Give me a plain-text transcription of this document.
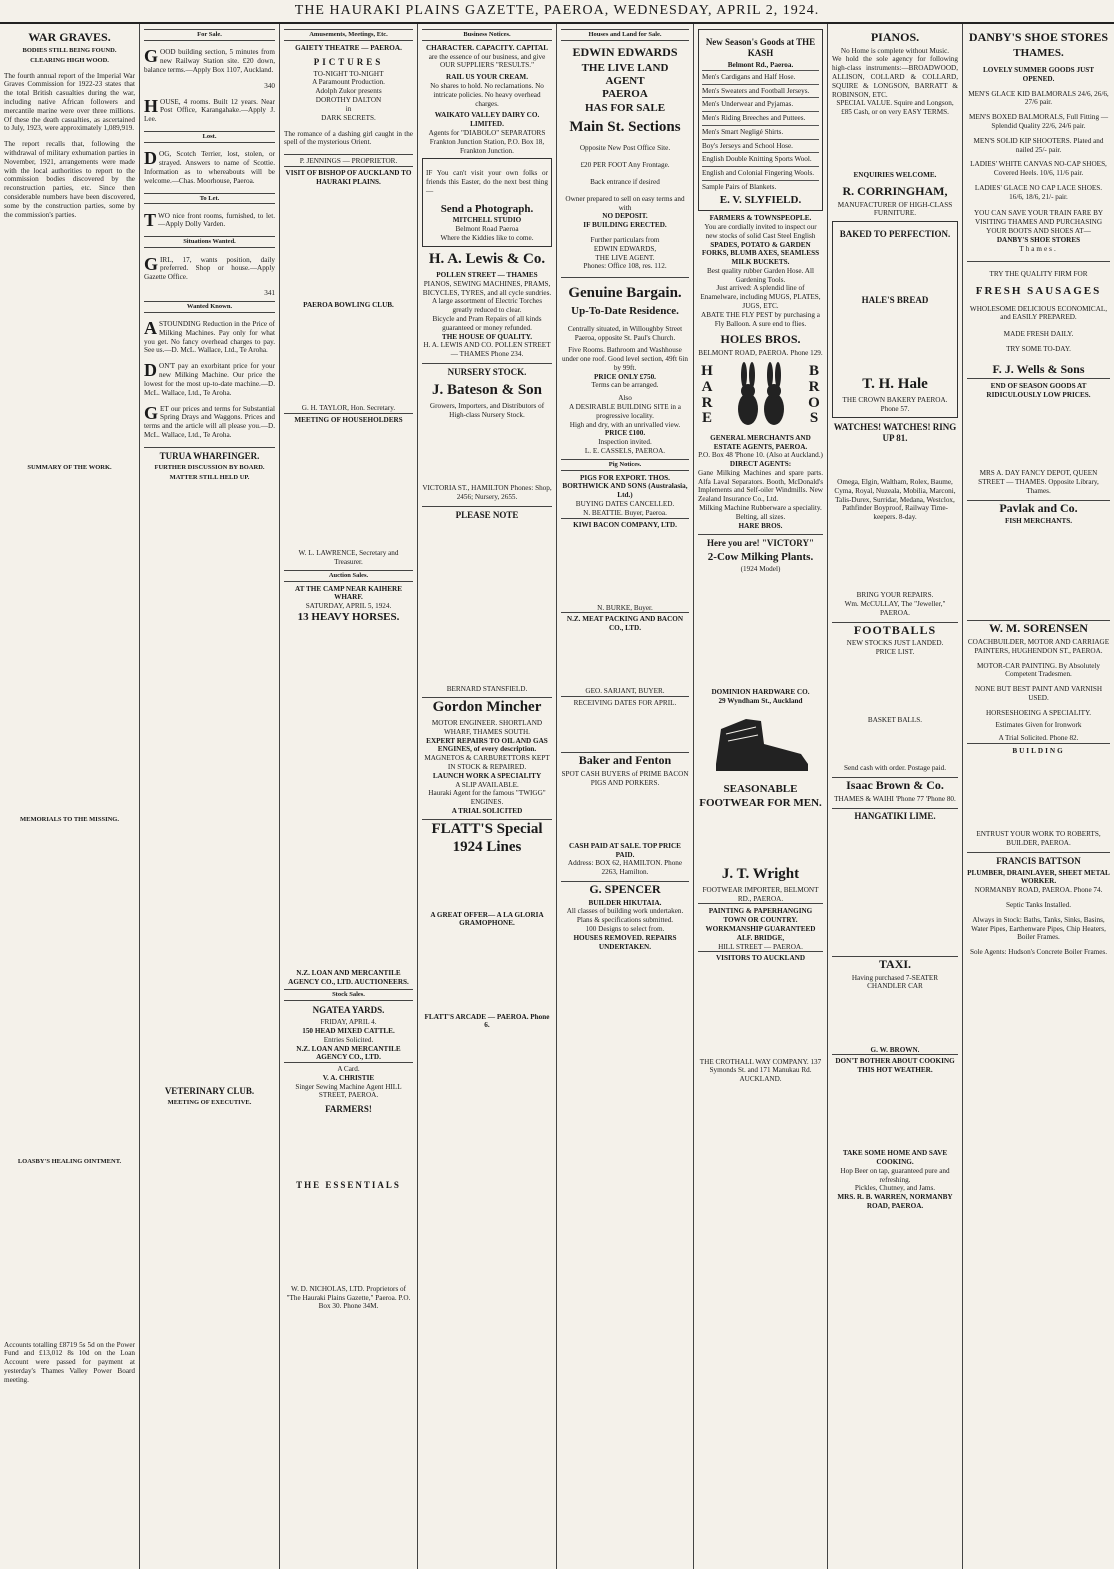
THE HAURAKI PLAINS GAZETTE, PAEROA, WEDNESDAY, APRIL 2, 1924.
WAR GRAVES.
BODIES STILL BEING FOUND.
CLEARING HIGH WOOD.

The fourth annual report of the Imperial War Graves Commission for 1922-23 states that the total British casualties during the war, including native African followers and mercantile marine were over three millions. Of these the death casualties, as ascertained to July, 1923, were approximately 1,089,919.

The report recalls that, following the withdrawal of military exhumation parties in November, 1921, arrangements were made with the local authorities to report to the commission bodies discovered by the reconstruction parties, etc. Since then considerable numbers have been discovered, some by the construction parties, some by the commission's parties.

SUMMARY OF THE WORK.

MEMORIALS TO THE MISSING.

LOASBY'S HEALING OINTMENT.

Accounts totalling £8719 5s 5d on the Power Fund and £13,012 8s 10d on the Loan Account were passed for payment at yesterday's Thames Valley Power Board meeting.

For Sale.

GOOD building section, 5 minutes from new Railway Station site. £20 down, balance terms.—Apply Box 1107, Auckland.

340

HOUSE, 4 rooms. Built 12 years. Near Post Office, Karangahake.—Apply J. Lee.

Lost.

DOG, Scotch Terrier, lost, stolen, or strayed. Answers to name of Scottie. Information as to whereabouts will be welcome.—Chas. Moorhouse, Paeroa.

To Let.

TWO nice front rooms, furnished, to let.—Apply Dolly Varden.

Situations Wanted.

GIRL, 17, wants position, daily preferred. Shop or house.—Apply Gazette Office.

341
Wanted Known.

ASTOUNDING Reduction in the Price of Milking Machines. Pay only for what you get. No fancy overhead charges to pay. See us.—D. McL. Wallace, Ltd., Te Aroha.

DON'T pay an exorbitant price for your new Milking Machine. Our price the lowest for the most up-to-date machine.—D. McL. Wallace, Ltd., Te Aroha.

GET our prices and terms for Substantial Spring Drays and Waggons. Prices and terms and the article will all please you.—D. McL. Wallace, Ltd., Te Aroha.

TURUA WHARFINGER.
FURTHER DISCUSSION BY BOARD.
MATTER STILL HELD UP.

VETERINARY CLUB.
MEETING OF EXECUTIVE.

Amusements, Meetings, Etc.
GAIETY THEATRE — PAEROA.
PICTURES
TO-NIGHT TO-NIGHT
A Paramount Production.
Adolph Zukor presents
DOROTHY DALTON
in
DARK SECRETS.

The romance of a dashing girl caught in the spell of the mysterious Orient.

P. JENNINGS — PROPRIETOR.
VISIT OF BISHOP OF AUCKLAND TO HAURAKI PLAINS.

PAEROA BOWLING CLUB.

G. H. TAYLOR, Hon. Secretary.
MEETING OF HOUSEHOLDERS

W. L. LAWRENCE, Secretary and Treasurer.
Auction Sales.
AT THE CAMP NEAR KAIHERE WHARF.
SATURDAY, APRIL 5, 1924.
13 HEAVY HORSES.

N.Z. LOAN AND MERCANTILE AGENCY CO., LTD. AUCTIONEERS.
Stock Sales.
NGATEA YARDS.
FRIDAY, APRIL 4.
150 HEAD MIXED CATTLE.
Entries Solicited.
N.Z. LOAN AND MERCANTILE AGENCY CO., LTD.
A Card.
V. A. CHRISTIE
Singer Sewing Machine Agent HILL STREET, PAEROA.
FARMERS!

THE ESSENTIALS

W. D. NICHOLAS, LTD. Proprietors of "The Hauraki Plains Gazette," Paeroa. P.O. Box 30. Phone 34M.
Business Notices.
CHARACTER. CAPACITY. CAPITAL
are the essence of our business, and give OUR SUPPLIERS "RESULTS."
RAIL US YOUR CREAM.
No shares to hold. No reclamations. No intricate policies. No heavy overhead charges.
WAIKATO VALLEY DAIRY CO. LIMITED.
Agents for "DIABOLO" SEPARATORS Frankton Junction Station, P.O. Box 18, Frankton Junction.

IF You can't visit your own folks or friends this Easter, do the next best thing—

Send a Photograph.
MITCHELL STUDIO
Belmont Road Paeroa
Where the Kiddies like to come.
H. A. Lewis & Co.
POLLEN STREET — THAMES
PIANOS, SEWING MACHINES, PRAMS, BICYCLES, TYRES, and all cycle sundries.
A large assortment of Electric Torches greatly reduced to clear.
Bicycle and Pram Repairs of all kinds guaranteed or money refunded.
THE HOUSE OF QUALITY.
H. A. LEWIS AND CO. POLLEN STREET — THAMES Phone 234.
NURSERY STOCK.
J. Bateson & Son
Growers, Importers, and Distributors of High-class Nursery Stock.

VICTORIA ST., HAMILTON Phones: Shop, 2456; Nursery, 2655.
PLEASE NOTE

BERNARD STANSFIELD.
Gordon Mincher
MOTOR ENGINEER. SHORTLAND WHARF, THAMES SOUTH.
EXPERT REPAIRS TO OIL AND GAS ENGINES, of every description.
MAGNETOS & CARBURETTORS KEPT IN STOCK & REPAIRED.
LAUNCH WORK A SPECIALITY
A SLIP AVAILABLE.
Hauraki Agent for the famous "TWIGG" ENGINES.
A TRIAL SOLICITED
FLATT'S Special 1924 Lines

A GREAT OFFER— A LA GLORIA GRAMOPHONE.

FLATT'S ARCADE — PAEROA. Phone 6.
Houses and Land for Sale.
EDWIN EDWARDS
THE LIVE LAND AGENT
PAEROA
HAS FOR SALE
Main St. Sections
Opposite New Post Office Site.
£20 PER FOOT Any Frontage.
Back entrance if desired
Owner prepared to sell on easy terms and with
NO DEPOSIT.
IF BUILDING ERECTED.
Further particulars from
EDWIN EDWARDS,
THE LIVE AGENT.
Phones: Office 108, res. 112.
Genuine Bargain.
Up-To-Date Residence.
Centrally situated, in Willoughby Street Paeroa, opposite St. Paul's Church.
Five Rooms. Bathroom and Washhouse under one roof. Good level section, 49ft 6in by 99ft.
PRICE ONLY £750.
Terms can be arranged.
Also
A DESIRABLE BUILDING SITE in a progressive locality.
High and dry, with an unrivalled view.
PRICE £100.
Inspection invited.
L. E. CASSELS, PAEROA.
Pig Notices.
PIGS FOR EXPORT. THOS. BORTHWICK AND SONS (Australasia, Ltd.)
BUYING DATES CANCELLED.
N. BEATTIE. Buyer, Paeroa.
KIWI BACON COMPANY, LTD.

N. BURKE, Buyer.
N.Z. MEAT PACKING AND BACON CO., LTD.

GEO. SARJANT, BUYER.
RECEIVING DATES FOR APRIL.

Baker and Fenton
SPOT CASH BUYERS of PRIME BACON PIGS AND PORKERS.

CASH PAID AT SALE. TOP PRICE PAID.
Address: BOX 62, HAMILTON. Phone 2263, Hamilton.
G. SPENCER
BUILDER HIKUTAIA.
All classes of building work undertaken.
Plans & specifications submitted.
100 Designs to select from.
HOUSES REMOVED. REPAIRS UNDERTAKEN.
New Season's Goods at THE KASH
Belmont Rd., Paeroa.
Men's Cardigans and Half Hose.
Men's Sweaters and Football Jerseys.
Men's Underwear and Pyjamas.
Men's Riding Breeches and Puttees.
Men's Smart Negligé Shirts.
Boy's Jerseys and School Hose.
English Double Knitting Sports Wool.
English and Colonial Fingering Wools.
Sample Pairs of Blankets.
E. V. SLYFIELD.
FARMERS & TOWNSPEOPLE.
You are cordially invited to inspect our new stocks of solid Cast Steel English
SPADES, POTATO & GARDEN FORKS, BLUMB AXES, SEAMLESS MILK BUCKETS.
Best quality rubber Garden Hose. All Gardening Tools.
Just arrived: A splendid line of Enamelware, including MUGS, PLATES, JUGS, ETC.
ABATE THE FLY PEST by purchasing a Fly Balloon. A sure end to flies.
HOLES BROS.
BELMONT ROAD, PAEROA. Phone 129.
H A R E
B R O S
GENERAL MERCHANTS AND ESTATE AGENTS, PAEROA.
P.O. Box 48 'Phone 10. (Also at Auckland.)
DIRECT AGENTS:
Gane Milking Machines and spare parts. Alfa Laval Separators. Booth, McDonald's Implements and Self-oiler Windmills. New Zealand Insurance Co., Ltd.
Milking Machine Rubberware a speciality. Belting, all sizes.
HARE BROS.
Here you are! "VICTORY"
2-Cow Milking Plants.
(1924 Model)

DOMINION HARDWARE CO.
29 Wyndham St., Auckland
SEASONABLE FOOTWEAR FOR MEN.

J. T. Wright
FOOTWEAR IMPORTER, BELMONT RD., PAEROA.
PAINTING & PAPERHANGING TOWN OR COUNTRY. WORKMANSHIP GUARANTEED
ALF. BRIDGE,
HILL STREET — PAEROA.
VISITORS TO AUCKLAND

THE CROTHALL WAY COMPANY. 137 Symonds St. and 171 Manukau Rd. AUCKLAND.
PIANOS.
No Home is complete without Music.
We hold the sole agency for following high-class instruments:—BROADWOOD, ALLISON, COLLARD & COLLARD, SQUIRE & LONGSON, BARRATT & ROBINSON, ETC.
SPECIAL VALUE. Squire and Longson, £85 Cash, or on very EASY TERMS.

ENQUIRIES WELCOME.
R. CORRINGHAM,
MANUFACTURER OF HIGH-CLASS FURNITURE.
BAKED TO PERFECTION.

HALE'S BREAD

T. H. Hale
THE CROWN BAKERY PAEROA. Phone 57.
WATCHES! WATCHES! RING UP 81.

Omega, Elgin, Waltham, Rolex, Baume, Cyma, Royal, Nuzeala, Mobilia, Marconi, Talis-Durex, Surridar, Medana, Westclox, Pathfinder Boyproof, Railway Time-keepers. 8-day.

BRING YOUR REPAIRS.
Wm. McCULLAY, The "Jeweller," PAEROA.
FOOTBALLS
NEW STOCKS JUST LANDED.
PRICE LIST.

BASKET BALLS.

Send cash with order. Postage paid.
Isaac Brown & Co.
THAMES & WAIHI 'Phone 77 'Phone 80.
HANGATIKI LIME.

TAXI.
Having purchased 7-SEATER CHANDLER CAR

G. W. BROWN.
DON'T BOTHER ABOUT COOKING THIS HOT WEATHER.

TAKE SOME HOME AND SAVE COOKING.
Hop Beer on tap, guaranteed pure and refreshing.
Pickles, Chutney, and Jams.
MRS. R. B. WARREN, NORMANBY ROAD, PAEROA.
DANBY'S SHOE STORES
THAMES.
LOVELY SUMMER GOODS JUST OPENED.
MEN'S GLACE KID BALMORALS 24/6, 26/6, 27/6 pair.
MEN'S BOXED BALMORALS, Full Fitting — Splendid Quality 22/6, 24/6 pair.
MEN'S SOLID KIP SHOOTERS. Plated and nailed 25/- pair.
LADIES' WHITE CANVAS NO-CAP SHOES, Covered Heels. 10/6, 11/6 pair.
LADIES' GLACE NO CAP LACE SHOES. 16/6, 18/6, 21/- pair.
YOU CAN SAVE YOUR TRAIN FARE BY VISITING THAMES AND PURCHASING YOUR BOOTS AND SHOES AT—
DANBY'S SHOE STORES
Thames.
TRY THE QUALITY FIRM FOR
FRESH SAUSAGES
WHOLESOME DELICIOUS ECONOMICAL, and EASILY PREPARED.
MADE FRESH DAILY.
TRY SOME TO-DAY.
F. J. Wells & Sons
END OF SEASON GOODS AT RIDICULOUSLY LOW PRICES.

MRS A. DAY FANCY DEPOT, QUEEN STREET — THAMES. Opposite Library, Thames.
Pavlak and Co.
FISH MERCHANTS.

W. M. SORENSEN
COACHBUILDER, MOTOR AND CARRIAGE PAINTERS, HUGHENDON ST., PAEROA.
MOTOR-CAR PAINTING. By Absolutely Competent Tradesmen.
NONE BUT BEST PAINT AND VARNISH USED.
HORSESHOEING A SPECIALITY.
Estimates Given for Ironwork
A Trial Solicited. Phone 82.
BUILDING

ENTRUST YOUR WORK TO ROBERTS, BUILDER, PAEROA.
FRANCIS BATTSON
PLUMBER, DRAINLAYER, SHEET METAL WORKER.
NORMANBY ROAD, PAEROA. Phone 74.
Septic Tanks Installed.
Always in Stock: Baths, Tanks, Sinks, Basins, Water Pipes, Earthenware Pipes, Chip Heaters, Boiler Frames.
Sole Agents: Hudson's Concrete Boiler Frames.
